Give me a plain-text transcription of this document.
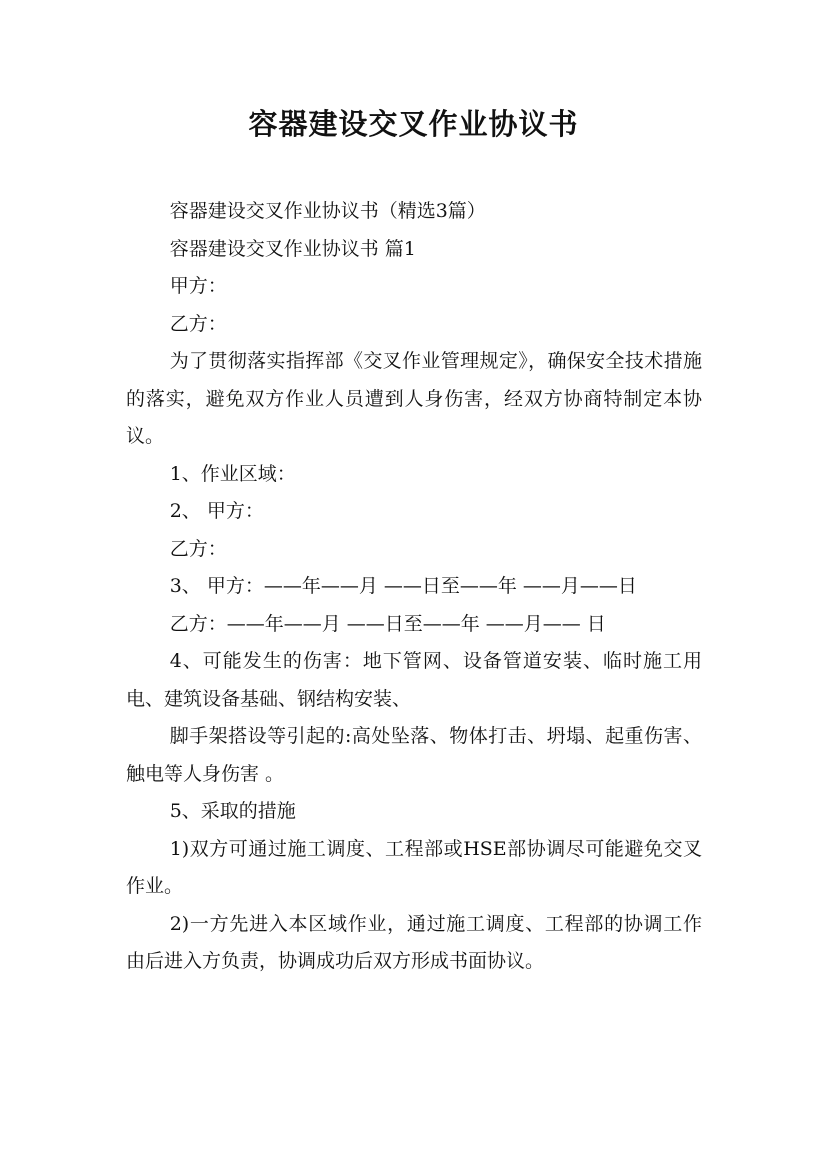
容器建设交叉作业协议书

容器建设交叉作业协议书（精选3篇）

容器建设交叉作业协议书 篇1

甲方：

乙方：

为了贯彻落实指挥部《交叉作业管理规定》，确保安全技术措施的落实，避免双方作业人员遭到人身伤害，经双方协商特制定本协议。

1、作业区域：

2、 甲方：

乙方：

3、 甲方：——年——月 ——日至——年 ——月——日

乙方：——年——月 ——日至——年 ——月—— 日

4、可能发生的伤害：地下管网、设备管道安装、临时施工用电、建筑设备基础、钢结构安装、

脚手架搭设等引起的:高处坠落、物体打击、坍塌、起重伤害、触电等人身伤害 。

5、采取的措施

1)双方可通过施工调度、工程部或HSE部协调尽可能避免交叉作业。

2)一方先进入本区域作业，通过施工调度、工程部的协调工作由后进入方负责，协调成功后双方形成书面协议。
